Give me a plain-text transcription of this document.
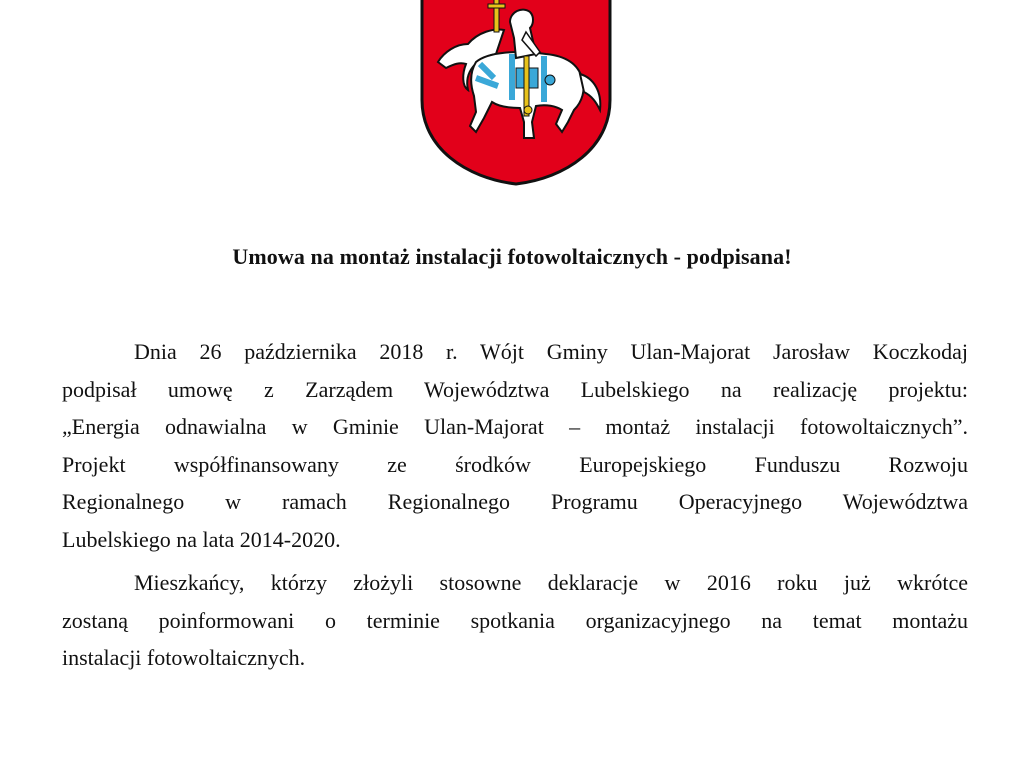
Umowa na montaż instalacji fotowoltaicznych - podpisana!
Dnia 26 października 2018 r. Wójt Gminy Ulan-Majorat Jarosław Koczkodaj
podpisał umowę z Zarządem Województwa Lubelskiego na realizację projektu:
„Energia odnawialna w Gminie Ulan-Majorat – montaż instalacji fotowoltaicznych”.
Projekt współfinansowany ze środków Europejskiego Funduszu Rozwoju
Regionalnego w ramach Regionalnego Programu Operacyjnego Województwa
Lubelskiego na lata 2014-2020.
Mieszkańcy, którzy złożyli stosowne deklaracje w 2016 roku już wkrótce
zostaną poinformowani o terminie spotkania organizacyjnego na temat montażu
instalacji fotowoltaicznych.
